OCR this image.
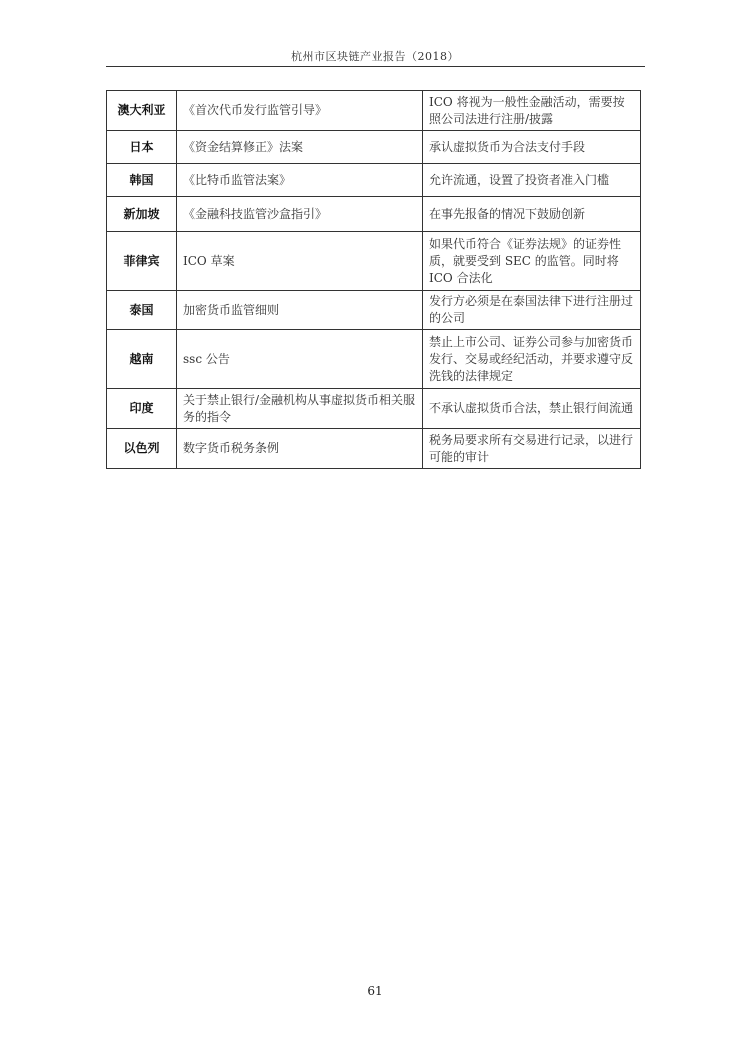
杭州市区块链产业报告（2018）
澳大利亚	《首次代币发行监管引导》	ICO 将视为一般性金融活动，需要按照公司法进行注册/披露
日本	《资金结算修正》法案	承认虚拟货币为合法支付手段
韩国	《比特币监管法案》	允许流通，设置了投资者准入门槛
新加坡	《金融科技监管沙盒指引》	在事先报备的情况下鼓励创新
菲律宾	ICO 草案	如果代币符合《证券法规》的证券性质，就要受到 SEC 的监管。同时将 ICO 合法化
泰国	加密货币监管细则	发行方必须是在泰国法律下进行注册过的公司
越南	ssc 公告	禁止上市公司、证券公司参与加密货币发行、交易或经纪活动，并要求遵守反洗钱的法律规定
印度	关于禁止银行/金融机构从事虚拟货币相关服务的指令	不承认虚拟货币合法，禁止银行间流通
以色列	数字货币税务条例	税务局要求所有交易进行记录，以进行可能的审计
61
